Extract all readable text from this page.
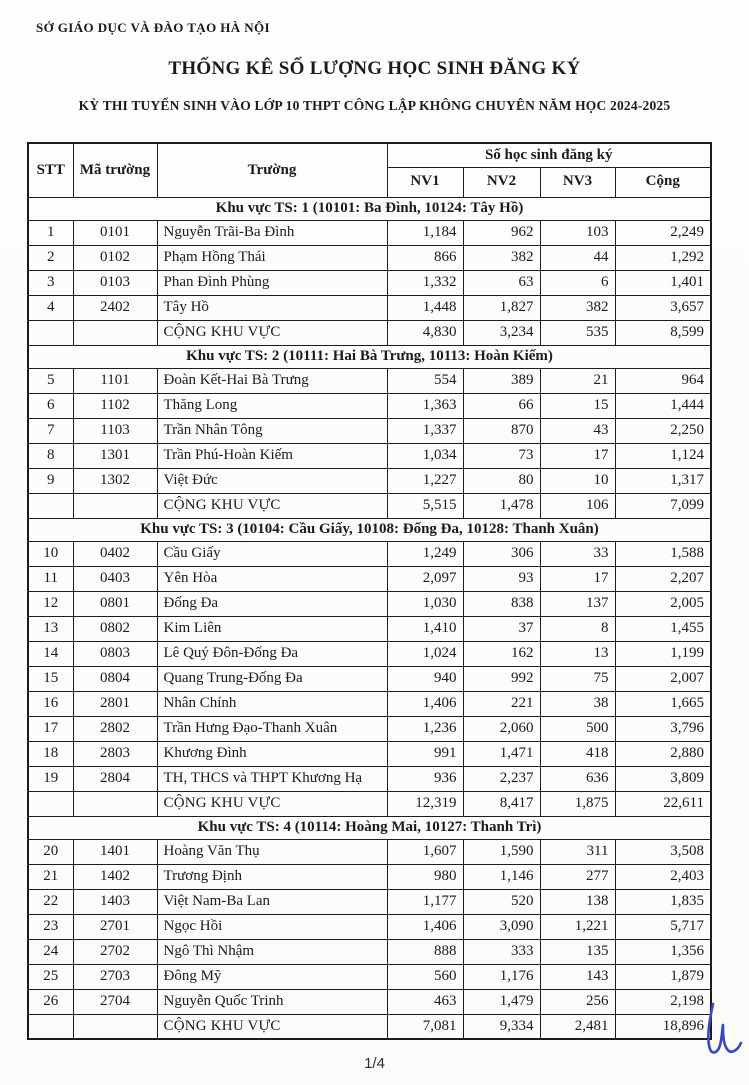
SỞ GIÁO DỤC VÀ ĐÀO TẠO HÀ NỘI
THỐNG KÊ SỐ LƯỢNG HỌC SINH ĐĂNG KÝ
KỲ THI TUYỂN SINH VÀO LỚP 10 THPT CÔNG LẬP KHÔNG CHUYÊN NĂM HỌC 2024-2025
STT	Mã trường	Trường	Số học sinh đăng ký			
			NV1	NV2	NV3	Cộng
Khu vực TS: 1 (10101: Ba Đình, 10124: Tây Hồ)						
1	0101	Nguyễn Trãi-Ba Đình	1,184	962	103	2,249
2	0102	Phạm Hồng Thái	866	382	44	1,292
3	0103	Phan Đình Phùng	1,332	63	6	1,401
4	2402	Tây Hồ	1,448	1,827	382	3,657
		CỘNG KHU VỰC	4,830	3,234	535	8,599
Khu vực TS: 2 (10111: Hai Bà Trưng, 10113: Hoàn Kiếm)						
5	1101	Đoàn Kết-Hai Bà Trưng	554	389	21	964
6	1102	Thăng Long	1,363	66	15	1,444
7	1103	Trần Nhân Tông	1,337	870	43	2,250
8	1301	Trần Phú-Hoàn Kiếm	1,034	73	17	1,124
9	1302	Việt Đức	1,227	80	10	1,317
		CỘNG KHU VỰC	5,515	1,478	106	7,099
Khu vực TS: 3 (10104: Cầu Giấy, 10108: Đống Đa, 10128: Thanh Xuân)						
10	0402	Cầu Giấy	1,249	306	33	1,588
11	0403	Yên Hòa	2,097	93	17	2,207
12	0801	Đống Đa	1,030	838	137	2,005
13	0802	Kim Liên	1,410	37	8	1,455
14	0803	Lê Quý Đôn-Đống Đa	1,024	162	13	1,199
15	0804	Quang Trung-Đống Đa	940	992	75	2,007
16	2801	Nhân Chính	1,406	221	38	1,665
17	2802	Trần Hưng Đạo-Thanh Xuân	1,236	2,060	500	3,796
18	2803	Khương Đình	991	1,471	418	2,880
19	2804	TH, THCS và THPT Khương Hạ	936	2,237	636	3,809
		CỘNG KHU VỰC	12,319	8,417	1,875	22,611
Khu vực TS: 4 (10114: Hoàng Mai, 10127: Thanh Trì)						
20	1401	Hoàng Văn Thụ	1,607	1,590	311	3,508
21	1402	Trương Định	980	1,146	277	2,403
22	1403	Việt Nam-Ba Lan	1,177	520	138	1,835
23	2701	Ngọc Hồi	1,406	3,090	1,221	5,717
24	2702	Ngô Thì Nhậm	888	333	135	1,356
25	2703	Đông Mỹ	560	1,176	143	1,879
26	2704	Nguyễn Quốc Trinh	463	1,479	256	2,198
		CỘNG KHU VỰC	7,081	9,334	2,481	18,896
1/4
